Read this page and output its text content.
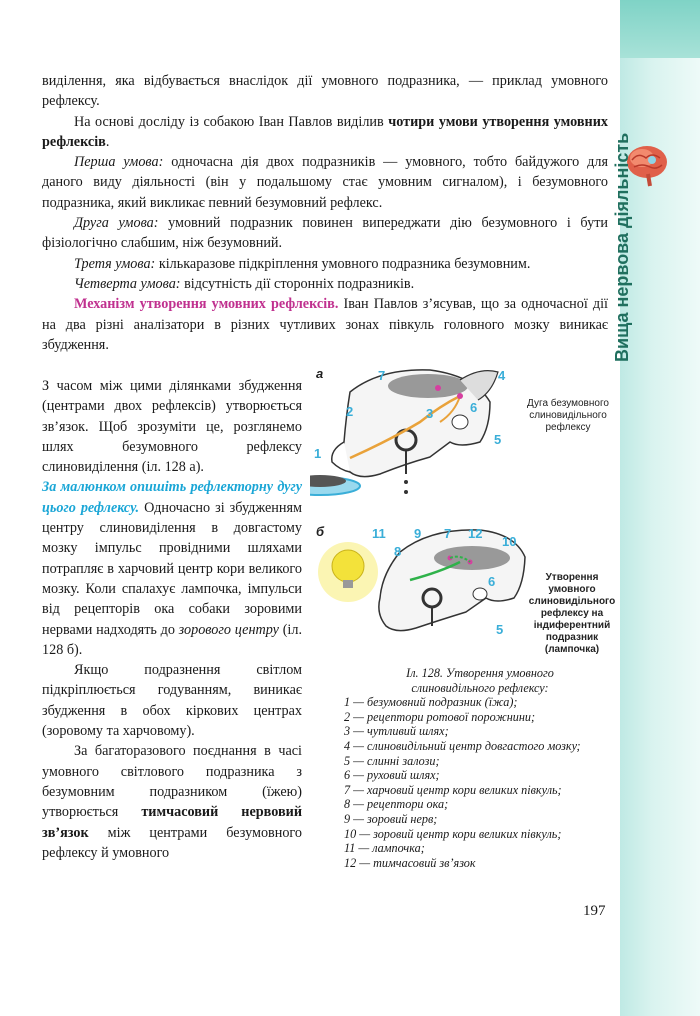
Вища нервова діяльність

виділення, яка відбувається внаслідок дії умовного подразника, — приклад умовного рефлексу.

На основі досліду із собакою Іван Павлов виділив чотири умови утворення умовних рефлексів.

Перша умова: одночасна дія двох подразників — умовного, тобто байдужого для даного виду діяльності (він у подальшому стає умовним сигналом), і безумовного подразника, який викликає певний безумовний рефлекс.

Друга умова: умовний подразник повинен випереджати дію безумовного і бути фізіологічно слабшим, ніж безумовний.

Третя умова: кількаразове підкріплення умовного подразника безумовним.

Четверта умова: відсутність дії сторонніх подразників.

Механізм утворення умовних рефлексів. Іван Павлов з’ясував, що за одночасної дії на два різні аналізатори в різних чутливих зонах півкуль головного мозку виникає збудження.

З часом між цими ділянками збудження (центрами двох рефлексів) утворюється зв’язок. Щоб зрозуміти це, розглянемо шлях безумовного рефлексу слиновиділення (іл. 128 а).

За малюнком опишіть рефлекторну дугу цього рефлексу. Одночасно зі збудженням центру слиновиділення в довгастому мозку імпульс провідними шляхами потрапляє в харчовий центр кори великого мозку. Коли спалахує лампочка, імпульси від рецепторів ока собаки зоровими нервами надходять до зорового центру (іл. 128 б).

Якщо подразнення світлом підкріплюється годуванням, виникає збудження в обох кіркових центрах (зоровому та харчовому).

За багаторазового поєднання в часі умовного світлового подразника з безумовним подразником (їжею) утворюється тимчасовий нервовий зв’язок між центрами безумовного рефлексу й умовного

а	7	4
2	3	6
5
1
Дуга безумовного
слиновидільного
рефлексу
б	11 9 7 12
10
8
6
5
Утворення
умовного
слиновидільного
рефлексу на
індиферентний
подразник
(лампочка)
Іл. 128. Утворення умовного
слиновидільного рефлексу:
1 — безумовний подразник (їжа);
2 — рецептори ротової порожнини;
3 — чутливий шлях;
4 — слиновидільний центр довгастого мозку;
5 — слинні залози;
6 — руховий шлях;
7 — харчовий центр кори великих півкуль;
8 — рецептори ока;
9 — зоровий нерв;
10 — зоровий центр кори великих півкуль;
11 — лампочка;
12 — тимчасовий зв’язок
197
